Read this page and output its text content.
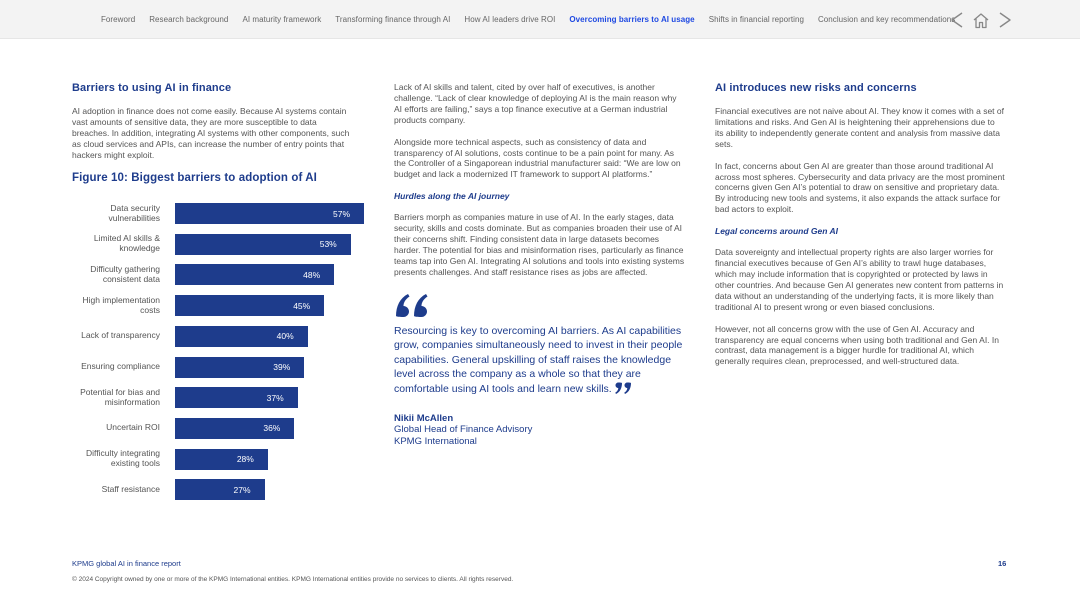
Foreword Research background AI maturity framework Transforming finance through AI How AI leaders drive ROI Overcoming barriers to AI usage Shifts in financial reporting Conclusion and key recommendations
Barriers to using AI in finance

AI adoption in finance does not come easily. Because AI systems contain vast amounts of sensitive data, they are more susceptible to data breaches. In addition, integrating AI systems with other components, such as cloud services and APIs, can increase the number of entry points that hackers might exploit.

Figure 10: Biggest barriers to adoption of AI
Data security vulnerabilities	57%
Limited AI skills & knowledge	53%
Difficulty gathering consistent data	48%
High implementation costs	45%
Lack of transparency	40%
Ensuring compliance	39%
Potential for bias and misinformation	37%
Uncertain ROI	36%
Difficulty integrating existing tools	28%
Staff resistance	27%

Lack of AI skills and talent, cited by over half of executives, is another challenge. “Lack of clear knowledge of deploying AI is the main reason why AI efforts are failing,” says a top finance executive at a German industrial products company.

Alongside more technical aspects, such as consistency of data and transparency of AI solutions, costs continue to be a pain point for many. As the Controller of a Singaporean industrial manufacturer said: “We are low on budget and lack a modernized IT framework to support AI platforms.”

Hurdles along the AI journey

Barriers morph as companies mature in use of AI. In the early stages, data security, skills and costs dominate. But as companies broaden their use of AI their concerns shift. Finding consistent data in large datasets becomes harder. The potential for bias and misinformation rises, particularly as finance teams tap into Gen AI. Integrating AI solutions and tools into existing systems presents challenges. And staff resistance rises as jobs are affected.

Resourcing is key to overcoming AI barriers. As AI capabilities grow, companies simultaneously need to invest in their people capabilities. General upskilling of staff raises the knowledge level across the company as a whole so that they are comfortable using AI tools and learn new skills.

Nikii McAllen
Global Head of Finance Advisory
KPMG International
AI introduces new risks and concerns

Financial executives are not naive about AI. They know it comes with a set of limitations and risks. And Gen AI is heightening their apprehensions due to its ability to independently generate content and analysis from massive data sets.

In fact, concerns about Gen AI are greater than those around traditional AI across most spheres. Cybersecurity and data privacy are the most prominent concerns given Gen AI’s potential to draw on sensitive and proprietary data. By introducing new tools and systems, it also expands the attack surface for bad actors to exploit.

Legal concerns around Gen AI

Data sovereignty and intellectual property rights are also larger worries for financial executives because of Gen AI’s ability to trawl huge databases, which may include information that is copyrighted or protected by laws in other countries. And because Gen AI generates new content from patterns in data without an understanding of the underlying facts, it is more likely than traditional AI to present wrong or even biased conclusions.

However, not all concerns grow with the use of Gen AI. Accuracy and transparency are equal concerns when using both traditional and Gen AI. In contrast, data management is a bigger hurdle for traditional AI, which generally requires clean, preprocessed, and well-structured data.

KPMG global AI in finance report	16
© 2024 Copyright owned by one or more of the KPMG International entities. KPMG International entities provide no services to clients. All rights reserved.
